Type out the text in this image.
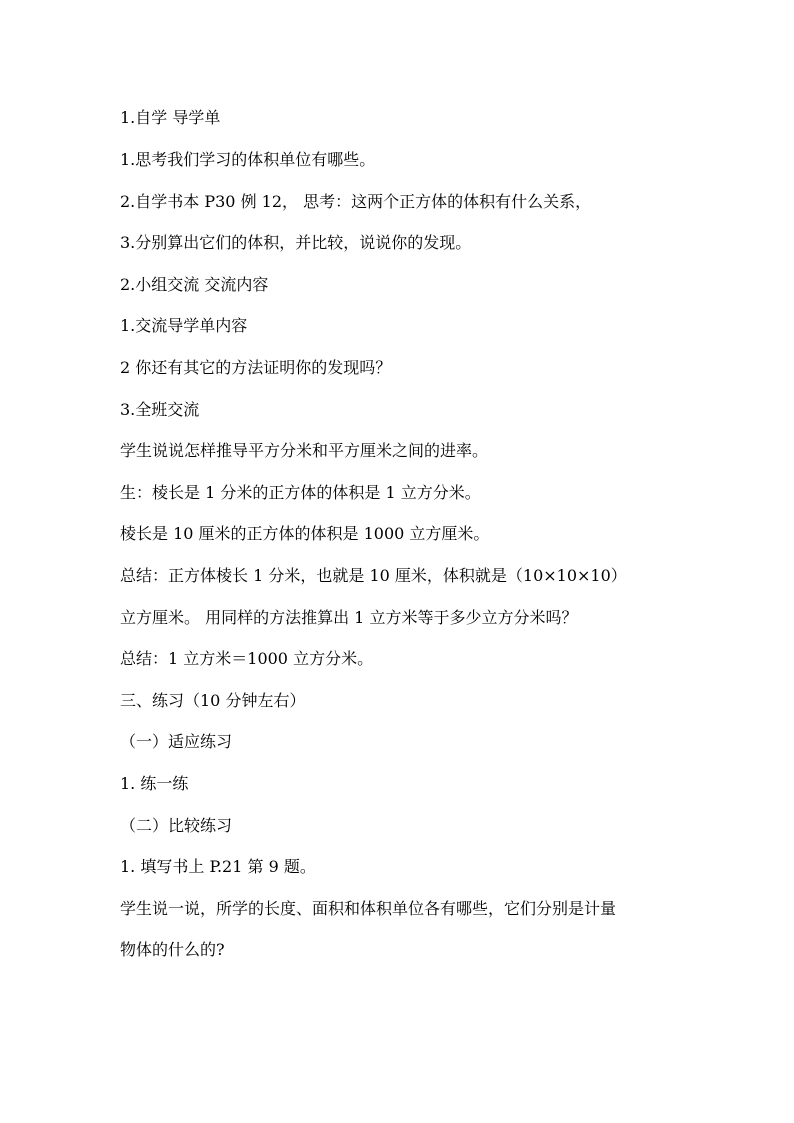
1.自学 导学单
1.思考我们学习的体积单位有哪些。
2.自学书本 P30 例 12， 思考：这两个正方体的体积有什么关系，
3.分别算出它们的体积，并比较，说说你的发现。
2.小组交流 交流内容
1.交流导学单内容
2 你还有其它的方法证明你的发现吗？
3.全班交流
学生说说怎样推导平方分米和平方厘米之间的进率。
生：棱长是 1 分米的正方体的体积是 1 立方分米。
棱长是 10 厘米的正方体的体积是 1000 立方厘米。
总结：正方体棱长 1 分米，也就是 10 厘米，体积就是（10×10×10）
立方厘米。 用同样的方法推算出 1 立方米等于多少立方分米吗？
总结：1 立方米＝1000 立方分米。
三、练习（10 分钟左右）
（一）适应练习
1. 练一练
（二）比较练习
1. 填写书上 P.21 第 9 题。
学生说一说，所学的长度、面积和体积单位各有哪些，它们分别是计量
物体的什么的?
